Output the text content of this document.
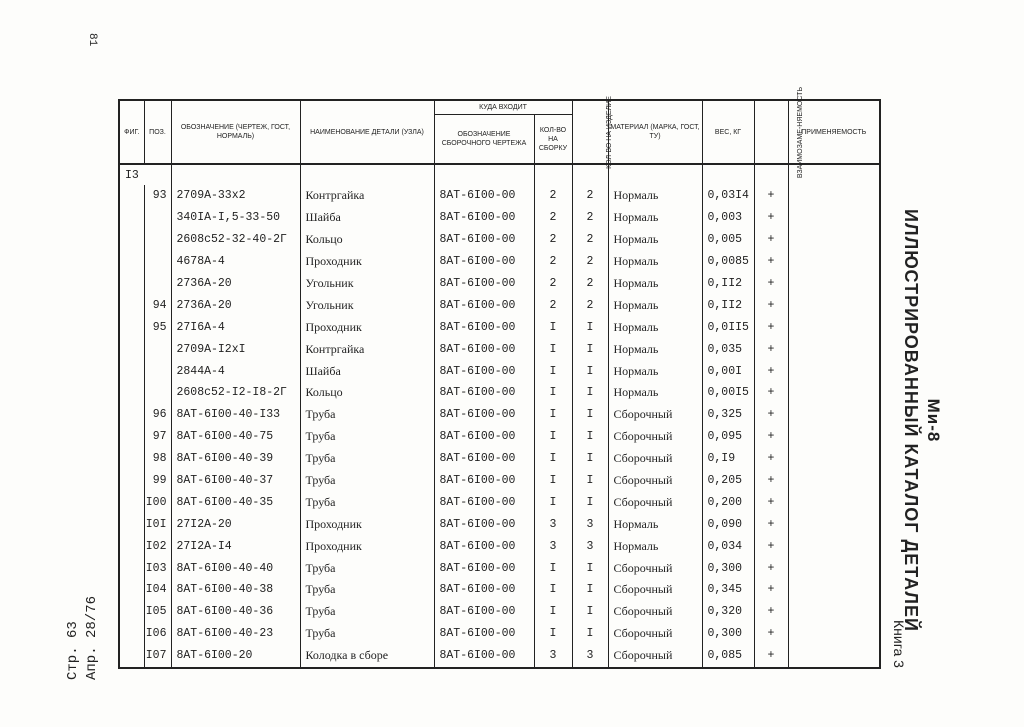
81
Ми-8
ИЛЛЮСТРИРОВАННЫЙ КАТАЛОГ ДЕТАЛЕЙ
Книга 3
Стр. 63 Апр. 28/76
ФИГ.	ПОЗ.	ОБОЗНАЧЕНИЕ (ЧЕРТЕЖ, ГОСТ, НОРМАЛЬ)	НАИМЕНОВАНИЕ ДЕТАЛИ (УЗЛА)	КУДА ВХОДИТ		КОЛ-ВО НА ИЗДЕЛИЕ	МАТЕРИАЛ (МАРКА, ГОСТ, ТУ)	ВЕС, КГ	ВЗАИМОЗАМЕ-НЯЕМОСТЬ	ПРИМЕНЯЕМОСТЬ
				ОБОЗНАЧЕНИЕ СБОРОЧНОГО ЧЕРТЕЖА	КОЛ-ВО НА СБОРКУ					
I3										
	93	2709А-33х2	Контргайка	8АТ-6I00-00	2	2	Нормаль	0,03I4	+	
		340IА-I,5-33-50	Шайба	8АТ-6I00-00	2	2	Нормаль	0,003	+	
		2608с52-32-40-2Г	Кольцо	8АТ-6I00-00	2	2	Нормаль	0,005	+	
		4678А-4	Проходник	8АТ-6I00-00	2	2	Нормаль	0,0085	+	
		2736А-20	Угольник	8АТ-6I00-00	2	2	Нормаль	0,II2	+	
	94	2736А-20	Угольник	8АТ-6I00-00	2	2	Нормаль	0,II2	+	
	95	27I6А-4	Проходник	8АТ-6I00-00	I	I	Нормаль	0,0II5	+	
		2709А-I2хI	Контргайка	8АТ-6I00-00	I	I	Нормаль	0,035	+	
		2844А-4	Шайба	8АТ-6I00-00	I	I	Нормаль	0,00I	+	
		2608с52-I2-I8-2Г	Кольцо	8АТ-6I00-00	I	I	Нормаль	0,00I5	+	
	96	8АТ-6I00-40-I33	Труба	8АТ-6I00-00	I	I	Сборочный	0,325	+	
	97	8АТ-6I00-40-75	Труба	8АТ-6I00-00	I	I	Сборочный	0,095	+	
	98	8АТ-6I00-40-39	Труба	8АТ-6I00-00	I	I	Сборочный	0,I9	+	
	99	8АТ-6I00-40-37	Труба	8АТ-6I00-00	I	I	Сборочный	0,205	+	
	I00	8АТ-6I00-40-35	Труба	8АТ-6I00-00	I	I	Сборочный	0,200	+	
	I0I	27I2А-20	Проходник	8АТ-6I00-00	3	3	Нормаль	0,090	+	
	I02	27I2А-I4	Проходник	8АТ-6I00-00	3	3	Нормаль	0,034	+	
	I03	8АТ-6I00-40-40	Труба	8АТ-6I00-00	I	I	Сборочный	0,300	+	
	I04	8АТ-6I00-40-38	Труба	8АТ-6I00-00	I	I	Сборочный	0,345	+	
	I05	8АТ-6I00-40-36	Труба	8АТ-6I00-00	I	I	Сборочный	0,320	+	
	I06	8АТ-6I00-40-23	Труба	8АТ-6I00-00	I	I	Сборочный	0,300	+	
	I07	8АТ-6I00-20	Колодка в сборе	8АТ-6I00-00	3	3	Сборочный	0,085	+	
